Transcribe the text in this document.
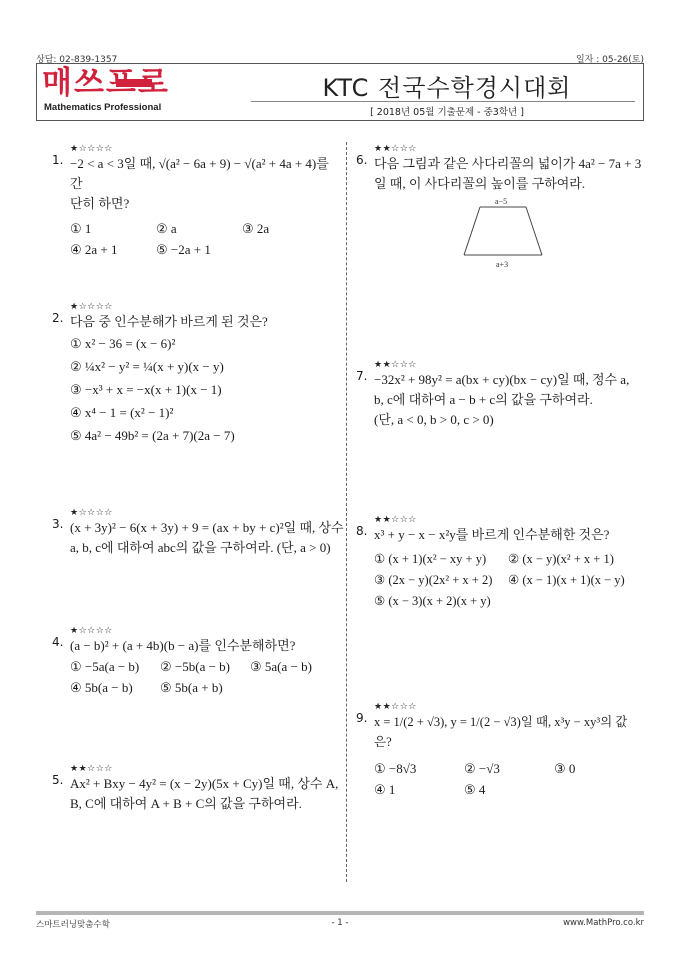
상담: 02-839-1357	일자 : 05-26(토)
매쓰프로
Mathematics Professional
KTC 전국수학경시대회
[ 2018년 05월 기출문제 - 중3학년 ]
1.
★☆☆☆☆
−2 < a < 3일 때, √(a² − 6a + 9) − √(a² + 4a + 4)를 간
단히 하면?
① 1	② a	③ 2a
④ 2a + 1	⑤ −2a + 1
2.
★☆☆☆☆
다음 중 인수분해가 바르게 된 것은?
① x² − 36 = (x − 6)²
② ¼x² − y² = ¼(x + y)(x − y)
③ −x³ + x = −x(x + 1)(x − 1)
④ x⁴ − 1 = (x² − 1)²
⑤ 4a² − 49b² = (2a + 7)(2a − 7)
3.
★☆☆☆☆
(x + 3y)² − 6(x + 3y) + 9 = (ax + by + c)²일 때, 상수
a, b, c에 대하여 abc의 값을 구하여라. (단, a > 0)
4.
★☆☆☆☆
(a − b)² + (a + 4b)(b − a)를 인수분해하면?
① −5a(a − b)	② −5b(a − b)	③ 5a(a − b)
④ 5b(a − b)	⑤ 5b(a + b)
5.
★★☆☆☆
Ax² + Bxy − 4y² = (x − 2y)(5x + Cy)일 때, 상수 A,
B, C에 대하여 A + B + C의 값을 구하여라.
6.
★★☆☆☆
다음 그림과 같은 사다리꼴의 넓이가 4a² − 7a + 3
일 때, 이 사다리꼴의 높이를 구하여라.
a−5
a+3
7.
★★☆☆☆
−32x² + 98y² = a(bx + cy)(bx − cy)일 때, 정수 a,
b, c에 대하여 a − b + c의 값을 구하여라.
(단, a < 0, b > 0, c > 0)
8.
★★☆☆☆
x³ + y − x − x²y를 바르게 인수분해한 것은?
① (x + 1)(x² − xy + y)	② (x − y)(x² + x + 1)
③ (2x − y)(2x² + x + 2)	④ (x − 1)(x + 1)(x − y)
⑤ (x − 3)(x + 2)(x + y)
9.
★★☆☆☆
x = 1/(2 + √3), y = 1/(2 − √3)일 때, x³y − xy³의 값은?
① −8√3	② −√3	③ 0
④ 1	⑤ 4
스마트러닝맞춤수학	- 1 -	www.MathPro.co.kr
